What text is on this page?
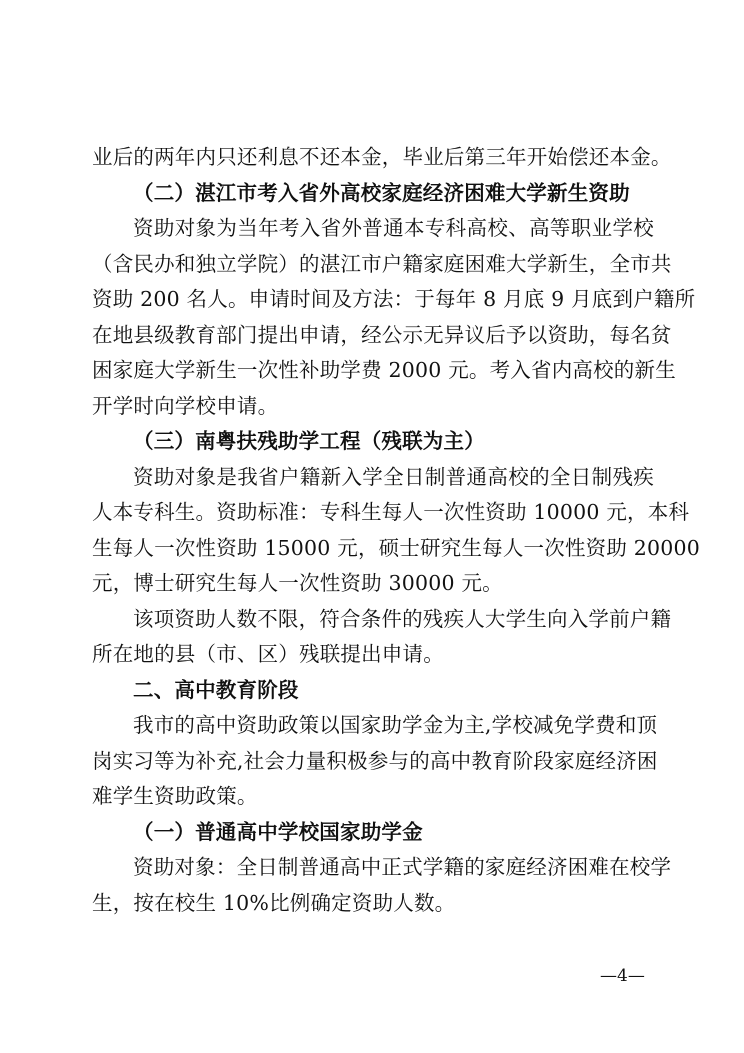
业后的两年内只还利息不还本金，毕业后第三年开始偿还本金。
（二）湛江市考入省外高校家庭经济困难大学新生资助
资助对象为当年考入省外普通本专科高校、高等职业学校
（含民办和独立学院）的湛江市户籍家庭困难大学新生，全市共
资助 200 名人。申请时间及方法：于每年 8 月底 9 月底到户籍所
在地县级教育部门提出申请，经公示无异议后予以资助，每名贫
困家庭大学新生一次性补助学费 2000 元。考入省内高校的新生
开学时向学校申请。
（三）南粤扶残助学工程（残联为主）
资助对象是我省户籍新入学全日制普通高校的全日制残疾
人本专科生。资助标准：专科生每人一次性资助 10000 元，本科
生每人一次性资助 15000 元，硕士研究生每人一次性资助 20000
元，博士研究生每人一次性资助 30000 元。
该项资助人数不限，符合条件的残疾人大学生向入学前户籍
所在地的县（市、区）残联提出申请。
二、高中教育阶段
我市的高中资助政策以国家助学金为主,学校减免学费和顶
岗实习等为补充,社会力量积极参与的高中教育阶段家庭经济困
难学生资助政策。
（一）普通高中学校国家助学金
资助对象：全日制普通高中正式学籍的家庭经济困难在校学
生，按在校生 10%比例确定资助人数。
—4—
